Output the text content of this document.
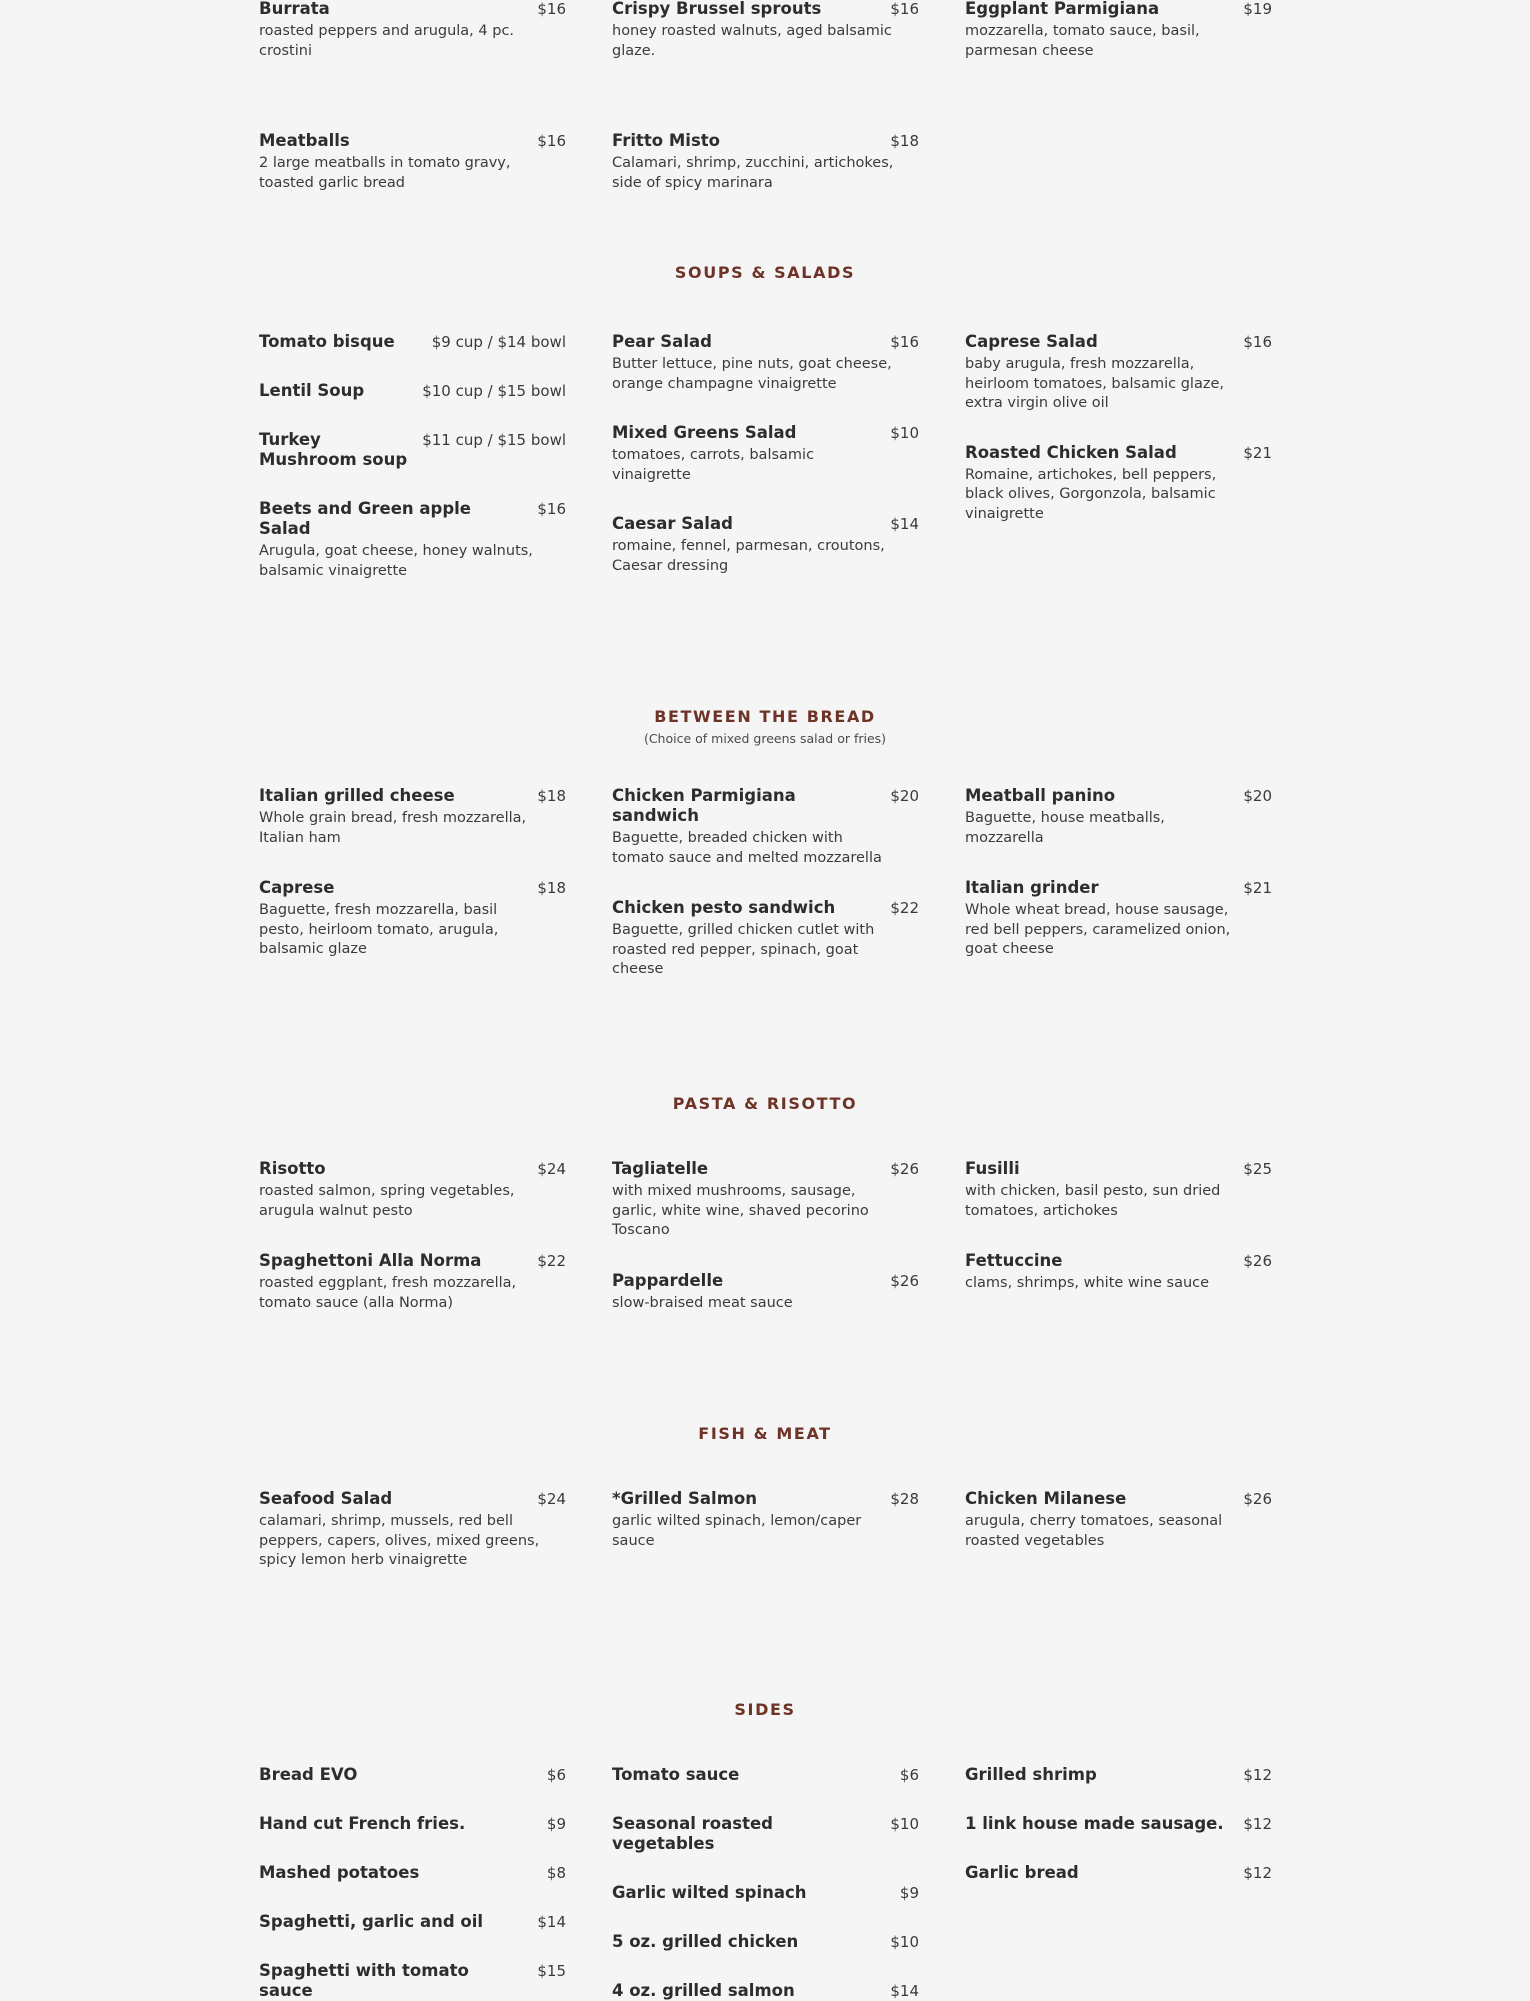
Burrata	$16
roasted peppers and arugula, 4 pc. crostini
Meatballs	$16
2 large meatballs in tomato gravy, toasted garlic bread
Crispy Brussel sprouts	$16
honey roasted walnuts, aged balsamic glaze.
Fritto Misto	$18
Calamari, shrimp, zucchini, artichokes, side of spicy marinara
Eggplant Parmigiana	$19
mozzarella, tomato sauce, basil, parmesan cheese
SOUPS & SALADS
Tomato bisque	$9 cup / $14 bowl
Lentil Soup	$10 cup / $15 bowl
Turkey Mushroom soup
$11 cup / $15 bowl
Beets and Green apple Salad
$16
Arugula, goat cheese, honey walnuts, balsamic vinaigrette
Pear Salad	$16
Butter lettuce, pine nuts, goat cheese, orange champagne vinaigrette
Mixed Greens Salad	$10
tomatoes, carrots, balsamic vinaigrette
Caesar Salad	$14
romaine, fennel, parmesan, croutons, Caesar dressing
Caprese Salad	$16
baby arugula, fresh mozzarella, heirloom tomatoes, balsamic glaze, extra virgin olive oil
Roasted Chicken Salad	$21
Romaine, artichokes, bell peppers, black olives, Gorgonzola, balsamic vinaigrette
BETWEEN THE BREAD
(Choice of mixed greens salad or fries)
Italian grilled cheese	$18
Whole grain bread, fresh mozzarella, Italian ham
Caprese	$18
Baguette, fresh mozzarella, basil pesto, heirloom tomato, arugula, balsamic glaze
Chicken Parmigiana sandwich
$20
Baguette, breaded chicken with tomato sauce and melted mozzarella
Chicken pesto sandwich	$22
Baguette, grilled chicken cutlet with roasted red pepper, spinach, goat cheese
Meatball panino	$20
Baguette, house meatballs, mozzarella
Italian grinder	$21
Whole wheat bread, house sausage, red bell peppers, caramelized onion, goat cheese
PASTA & RISOTTO
Risotto	$24
roasted salmon, spring vegetables, arugula walnut pesto
Spaghettoni Alla Norma	$22
roasted eggplant, fresh mozzarella, tomato sauce (alla Norma)
Tagliatelle	$26
with mixed mushrooms, sausage, garlic, white wine, shaved pecorino Toscano
Pappardelle	$26
slow-braised meat sauce
Fusilli	$25
with chicken, basil pesto, sun dried tomatoes, artichokes
Fettuccine	$26
clams, shrimps, white wine sauce
FISH & MEAT
Seafood Salad	$24
calamari, shrimp, mussels, red bell peppers, capers, olives, mixed greens, spicy lemon herb vinaigrette
*Grilled Salmon	$28
garlic wilted spinach, lemon/caper sauce
Chicken Milanese	$26
arugula, cherry tomatoes, seasonal roasted vegetables
SIDES
Bread EVO	$6
Hand cut French fries.	$9
Mashed potatoes	$8
Spaghetti, garlic and oil	$14
Spaghetti with tomato sauce
$15
Tomato sauce	$6
Seasonal roasted vegetables
$10
Garlic wilted spinach	$9
5 oz. grilled chicken	$10
4 oz. grilled salmon	$14
Grilled shrimp	$12
1 link house made sausage.	$12
Garlic bread	$12
